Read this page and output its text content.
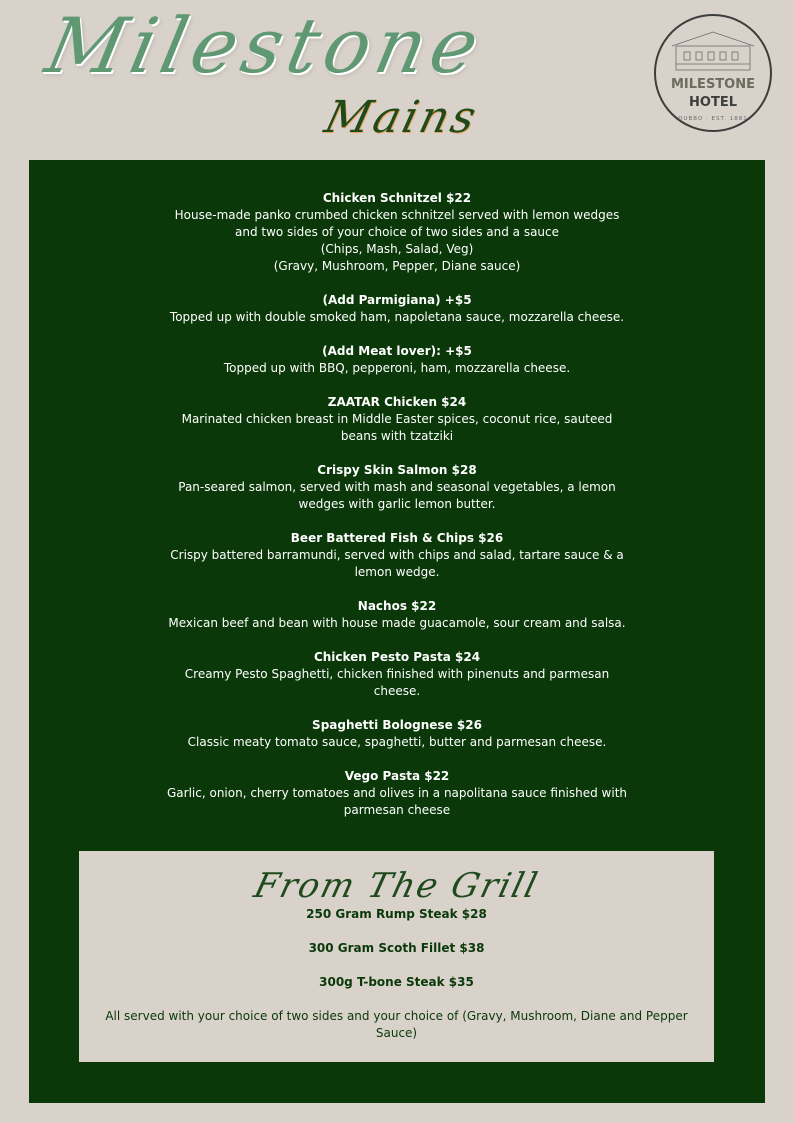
Milestone
Mains
MILESTONE
HOTEL
DUBBO · EST. 1881
Chicken Schnitzel $22
House-made panko crumbed chicken schnitzel served with lemon wedges and two sides of your choice of two sides and a sauce
(Chips, Mash, Salad, Veg)
(Gravy, Mushroom, Pepper, Diane sauce)
(Add Parmigiana) +$5
Topped up with double smoked ham, napoletana sauce, mozzarella cheese.
(Add Meat lover): +$5
Topped up with BBQ, pepperoni, ham, mozzarella cheese.
ZAATAR Chicken $24
Marinated chicken breast in Middle Easter spices, coconut rice, sauteed beans with tzatziki
Crispy Skin Salmon $28
Pan-seared salmon, served with mash and seasonal vegetables, a lemon wedges with garlic lemon butter.
Beer Battered Fish & Chips $26
Crispy battered barramundi, served with chips and salad, tartare sauce & a lemon wedge.
Nachos $22
Mexican beef and bean with house made guacamole, sour cream and salsa.
Chicken Pesto Pasta $24
Creamy Pesto Spaghetti, chicken finished with pinenuts and parmesan cheese.
Spaghetti Bolognese $26
Classic meaty tomato sauce, spaghetti, butter and parmesan cheese.
Vego Pasta $22
Garlic, onion, cherry tomatoes and olives in a napolitana sauce finished with parmesan cheese
From The Grill
250 Gram Rump Steak $28
300 Gram Scoth Fillet $38
300g T-bone Steak $35
All served with your choice of two sides and your choice of (Gravy, Mushroom, Diane and Pepper Sauce)
